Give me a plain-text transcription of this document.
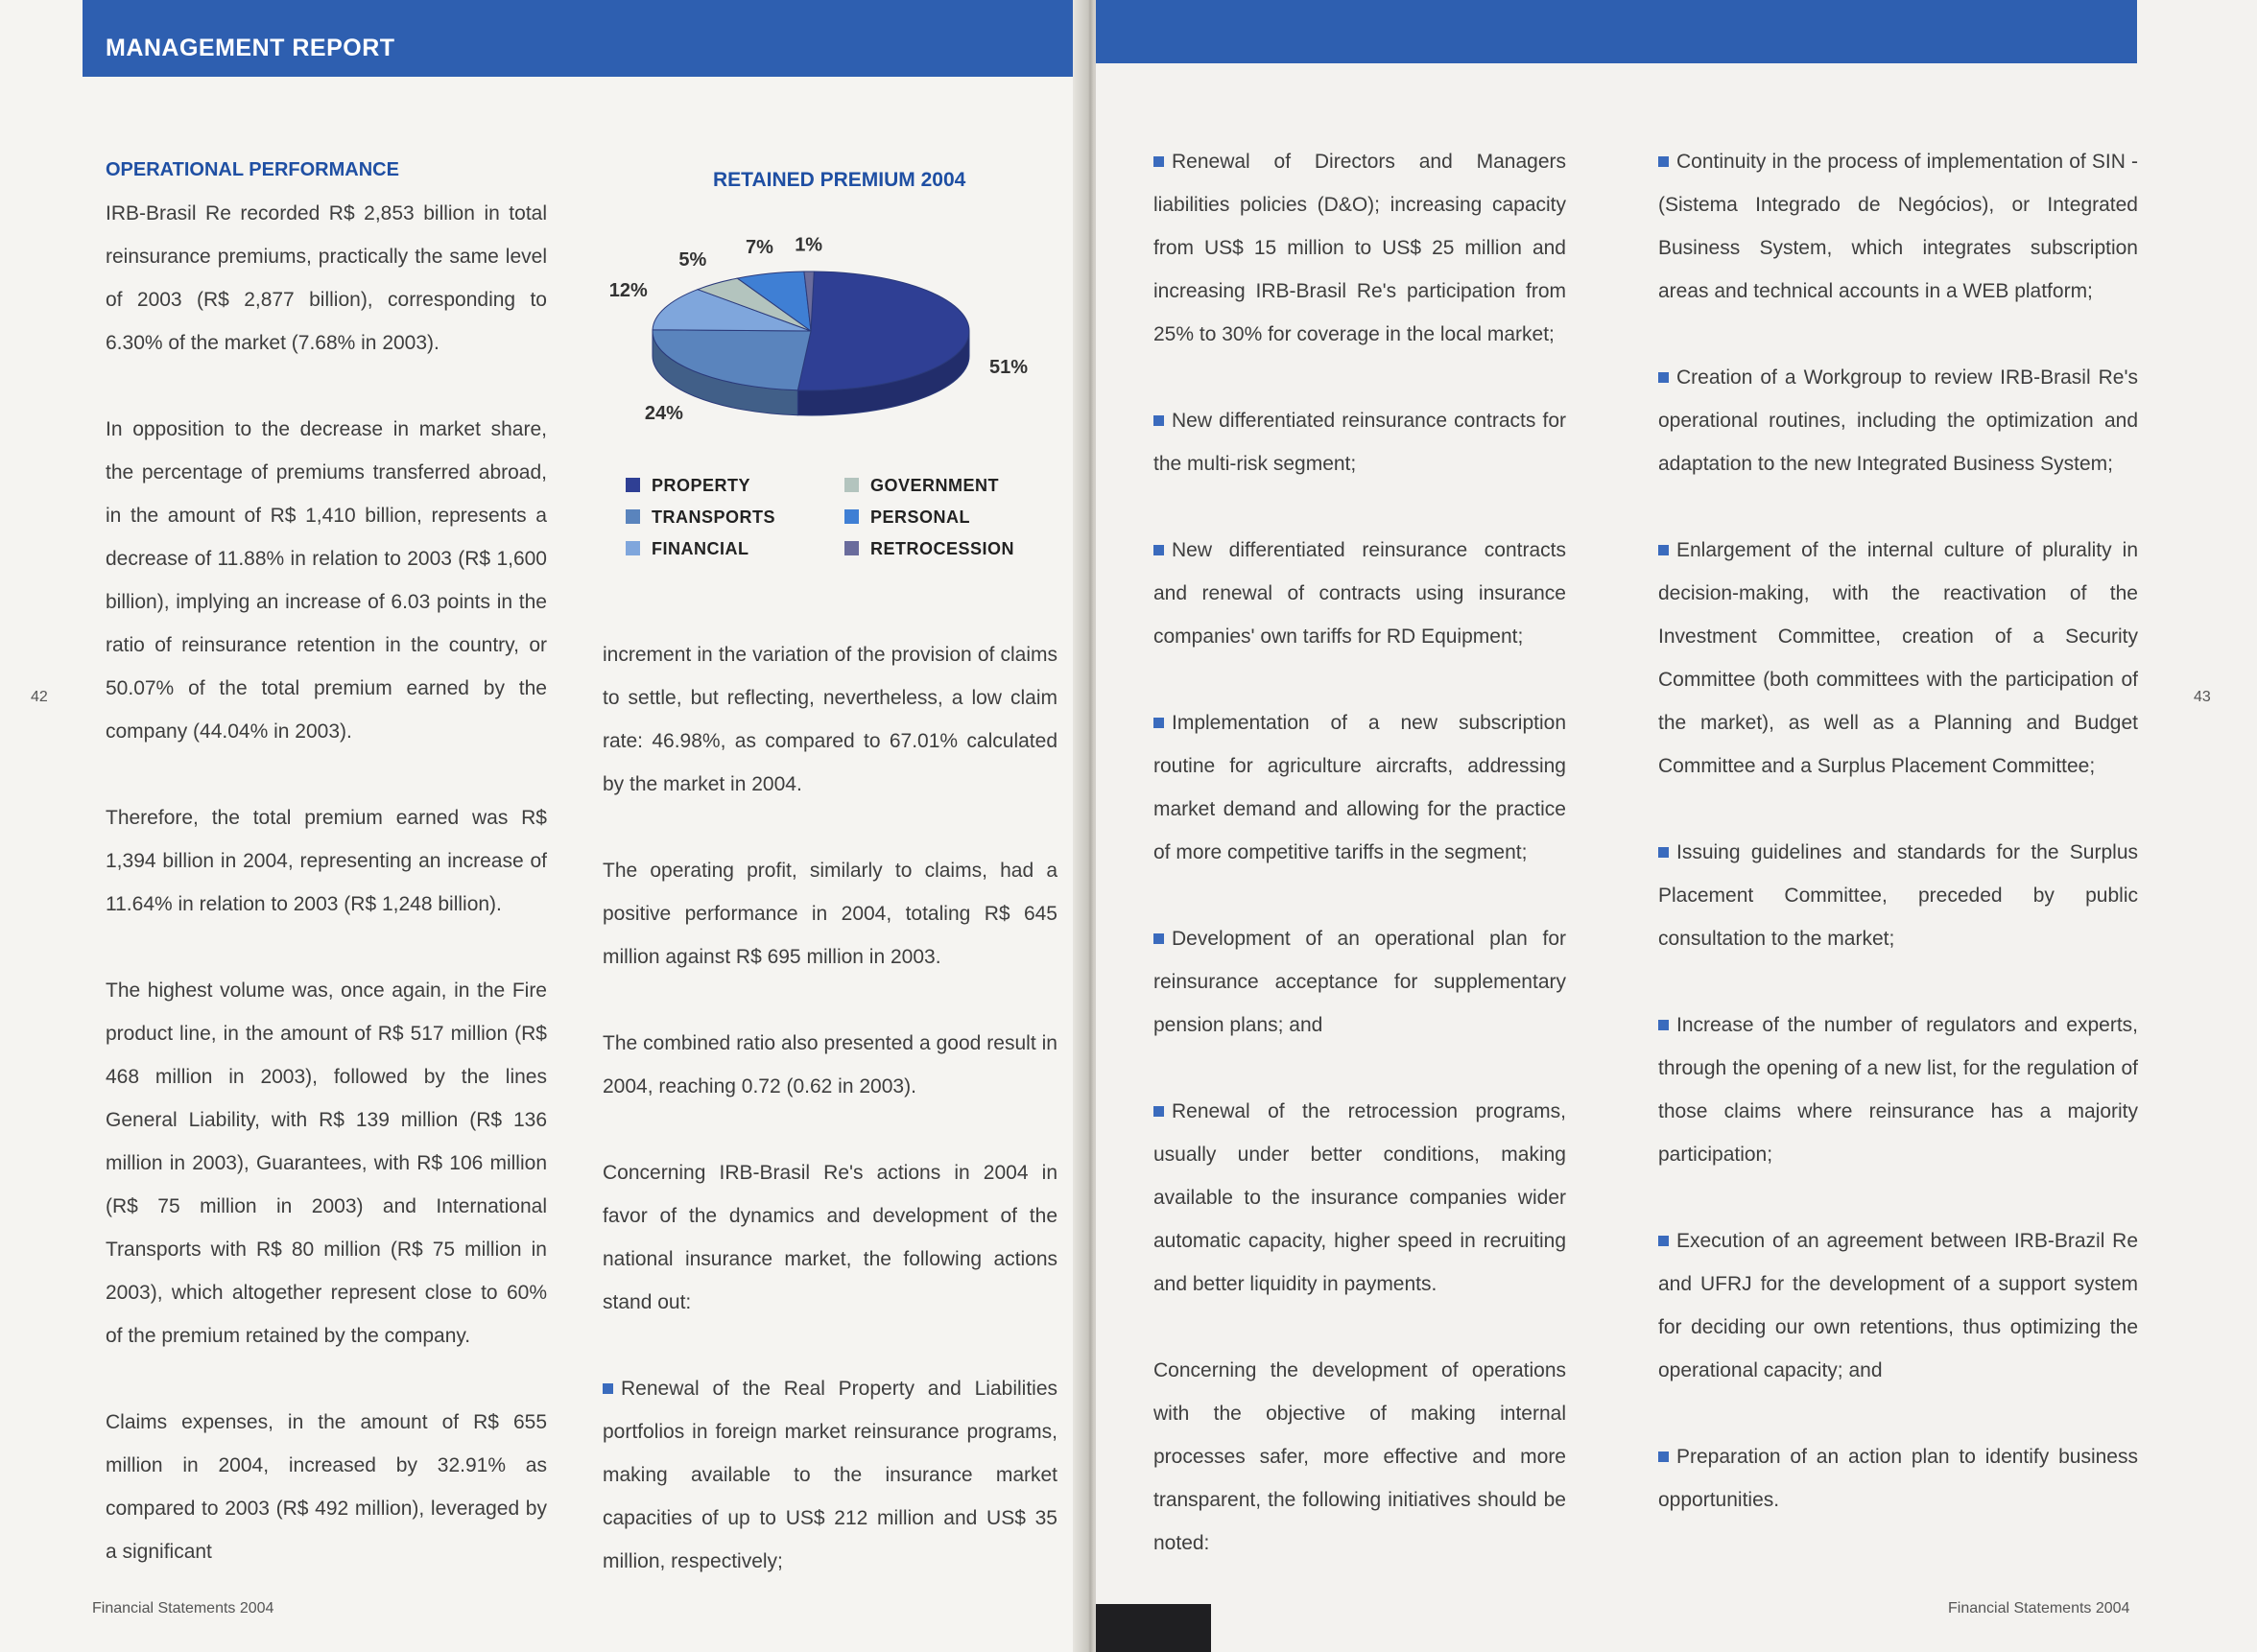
MANAGEMENT REPORT
42
OPERATIONAL PERFORMANCE

IRB-Brasil Re recorded R$ 2,853 billion in total reinsurance premiums, practically the same level of 2003 (R$ 2,877 billion), corresponding to 6.30% of the market (7.68% in 2003).

In opposition to the decrease in market share, the percentage of premiums transferred abroad, in the amount of R$ 1,410 billion, represents a decrease of 11.88% in relation to 2003 (R$ 1,600 billion), implying an increase of 6.03 points in the ratio of reinsurance retention in the country, or 50.07% of the total premium earned by the company (44.04% in 2003).

Therefore, the total premium earned was R$ 1,394 billion in 2004, representing an increase of 11.64% in relation to 2003 (R$ 1,248 billion).

The highest volume was, once again, in the Fire product line, in the amount of R$ 517 million (R$ 468 million in 2003), followed by the lines General Liability, with R$ 139 million (R$ 136 million in 2003), Guarantees, with R$ 106 million (R$ 75 million in 2003) and International Transports with R$ 80 million (R$ 75 million in 2003), which altogether represent close to 60% of the premium retained by the company.

Claims expenses, in the amount of R$ 655 million in 2004, increased by 32.91% as compared to 2003 (R$ 492 million), leveraged by a significant

RETAINED PREMIUM 2004
51%
24%
12%
5%
7% 1%
PROPERTY
TRANSPORTS
FINANCIAL
GOVERNMENT
PERSONAL
RETROCESSION

increment in the variation of the provision of claims to settle, but reflecting, nevertheless, a low claim rate: 46.98%, as compared to 67.01% calculated by the market in 2004.

The operating profit, similarly to claims, had a positive performance in 2004, totaling R$ 645 million against R$ 695 million in 2003.

The combined ratio also presented a good result in 2004, reaching 0.72 (0.62 in 2003).

Concerning IRB-Brasil Re's actions in 2004 in favor of the dynamics and development of the national insurance market, the following actions stand out:

Renewal of the Real Property and Liabilities portfolios in foreign market reinsurance programs, making available to the insurance market capacities of up to US$ 212 million and US$ 35 million, respectively;

Financial Statements 2004
43

Renewal of Directors and Managers liabilities policies (D&O); increasing capacity from US$ 15 million to US$ 25 million and increasing IRB-Brasil Re's participation from 25% to 30% for coverage in the local market;

New differentiated reinsurance contracts for the multi-risk segment;

New differentiated reinsurance contracts and renewal of contracts using insurance companies' own tariffs for RD Equipment;

Implementation of a new subscription routine for agriculture aircrafts, addressing market demand and allowing for the practice of more competitive tariffs in the segment;

Development of an operational plan for reinsurance acceptance for supplementary pension plans; and

Renewal of the retrocession programs, usually under better conditions, making available to the insurance companies wider automatic capacity, higher speed in recruiting and better liquidity in payments.

Concerning the development of operations with the objective of making internal processes safer, more effective and more transparent, the following initiatives should be noted:

Continuity in the process of implementation of SIN - (Sistema Integrado de Negócios), or Integrated Business System, which integrates subscription areas and technical accounts in a WEB platform;

Creation of a Workgroup to review IRB-Brasil Re's operational routines, including the optimization and adaptation to the new Integrated Business System;

Enlargement of the internal culture of plurality in decision-making, with the reactivation of the Investment Committee, creation of a Security Committee (both committees with the participation of the market), as well as a Planning and Budget Committee and a Surplus Placement Committee;

Issuing guidelines and standards for the Surplus Placement Committee, preceded by public consultation to the market;

Increase of the number of regulators and experts, through the opening of a new list, for the regulation of those claims where reinsurance has a majority participation;

Execution of an agreement between IRB-Brazil Re and UFRJ for the development of a support system for deciding our own retentions, thus optimizing the operational capacity; and

Preparation of an action plan to identify business opportunities.

Financial Statements 2004
